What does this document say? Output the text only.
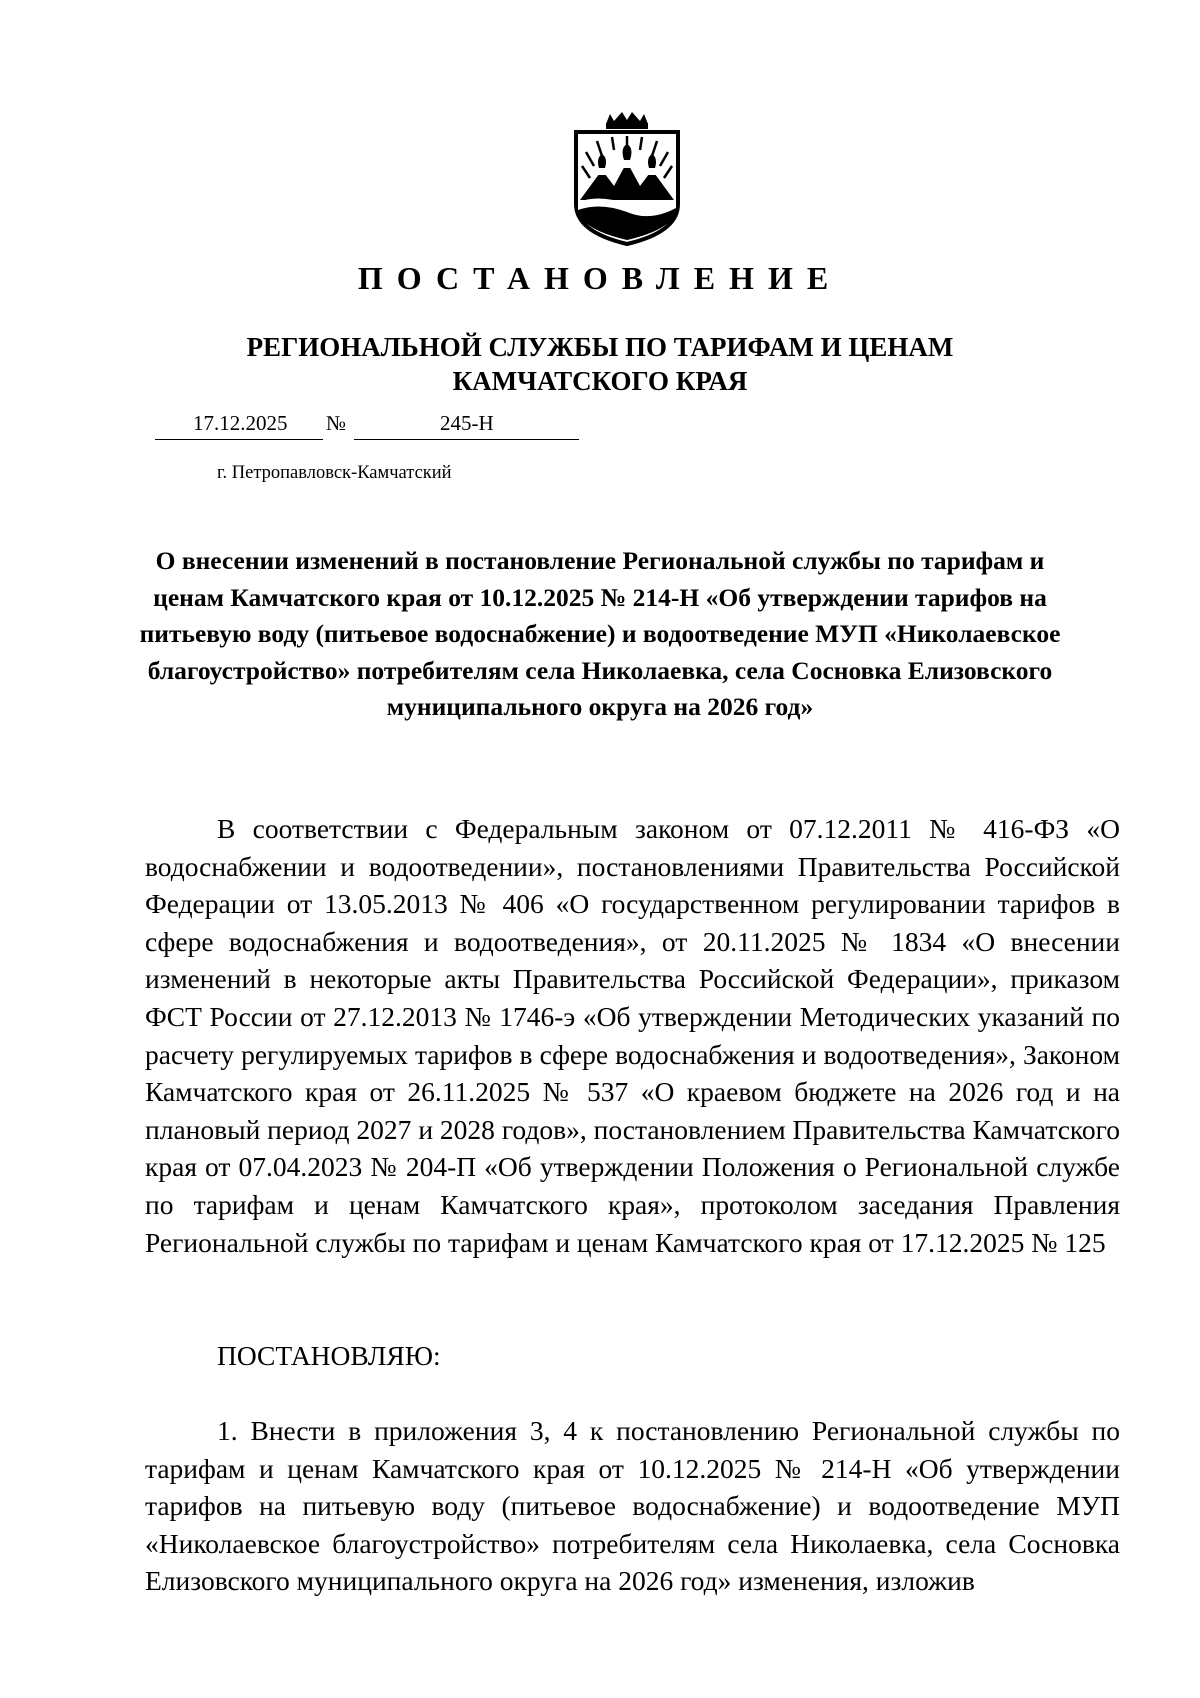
ПОСТАНОВЛЕНИЕ
РЕГИОНАЛЬНОЙ СЛУЖБЫ ПО ТАРИФАМ И ЦЕНАМ
КАМЧАТСКОГО КРАЯ
17.12.2025 №	245-Н
г. Петропавловск-Камчатский
О внесении изменений в постановление Региональной службы по тарифам и ценам Камчатского края от 10.12.2025 № 214-Н «Об утверждении тарифов на питьевую воду (питьевое водоснабжение) и водоотведение МУП «Николаевское благоустройство» потребителям села Николаевка, села Сосновка Елизовского муниципального округа на 2026 год»
В соответствии с Федеральным законом от 07.12.2011 № 416-ФЗ «О водоснабжении и водоотведении», постановлениями Правительства Российской Федерации от 13.05.2013 № 406 «О государственном регулировании тарифов в сфере водоснабжения и водоотведения», от 20.11.2025 № 1834 «О внесении изменений в некоторые акты Правительства Российской Федерации», приказом ФСТ России от 27.12.2013 № 1746-э «Об утверждении Методических указаний по расчету регулируемых тарифов в сфере водоснабжения и водоотведения», Законом Камчатского края от 26.11.2025 № 537 «О краевом бюджете на 2026 год и на плановый период 2027 и 2028 годов», постановлением Правительства Камчатского края от 07.04.2023 № 204-П «Об утверждении Положения о Региональной службе по тарифам и ценам Камчатского края», протоколом заседания Правления Региональной службы по тарифам и ценам Камчатского края от 17.12.2025 № 125
ПОСТАНОВЛЯЮ:
1. Внести в приложения 3, 4 к постановлению Региональной службы по тарифам и ценам Камчатского края от 10.12.2025 № 214-Н «Об утверждении тарифов на питьевую воду (питьевое водоснабжение) и водоотведение МУП «Николаевское благоустройство» потребителям села Николаевка, села Сосновка Елизовского муниципального округа на 2026 год» изменения, изложив
